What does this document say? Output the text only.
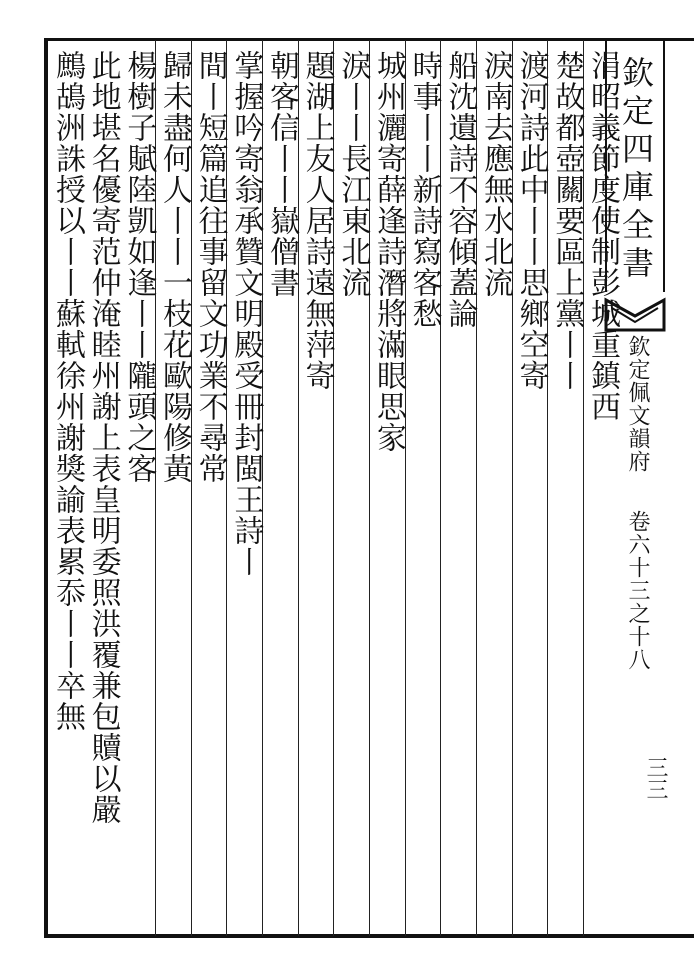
欽定四庫全書
欽定佩文韻府
卷六十三之十八
三三
涓昭義節度使制彭城重鎮西
楚故都壺關要區上黨丨丨
渡河詩此中丨丨思鄉空寄
淚南去應無水北流
船沈遺詩不容傾蓋論
時事丨丨新詩寫客愁
城州灑寄薛逢詩潛將滿眼思家
淚丨丨長江東北流
題湖上友人居詩遠無萍寄
朝客信丨丨嶽僧書
掌握吟寄翁承贊文明殿受冊封閩王詩丨
間丨短篇追往事留文功業不尋常
歸未盡何人丨丨一枝花歐陽修黃
楊樹子賦陸凱如逢丨丨隴頭之客
此地堪名優寄范仲淹睦州謝上表皇明委照洪覆兼包贖以嚴
鷓鴣洲誅授以丨丨蘇軾徐州謝獎諭表累忝丨丨卒無
